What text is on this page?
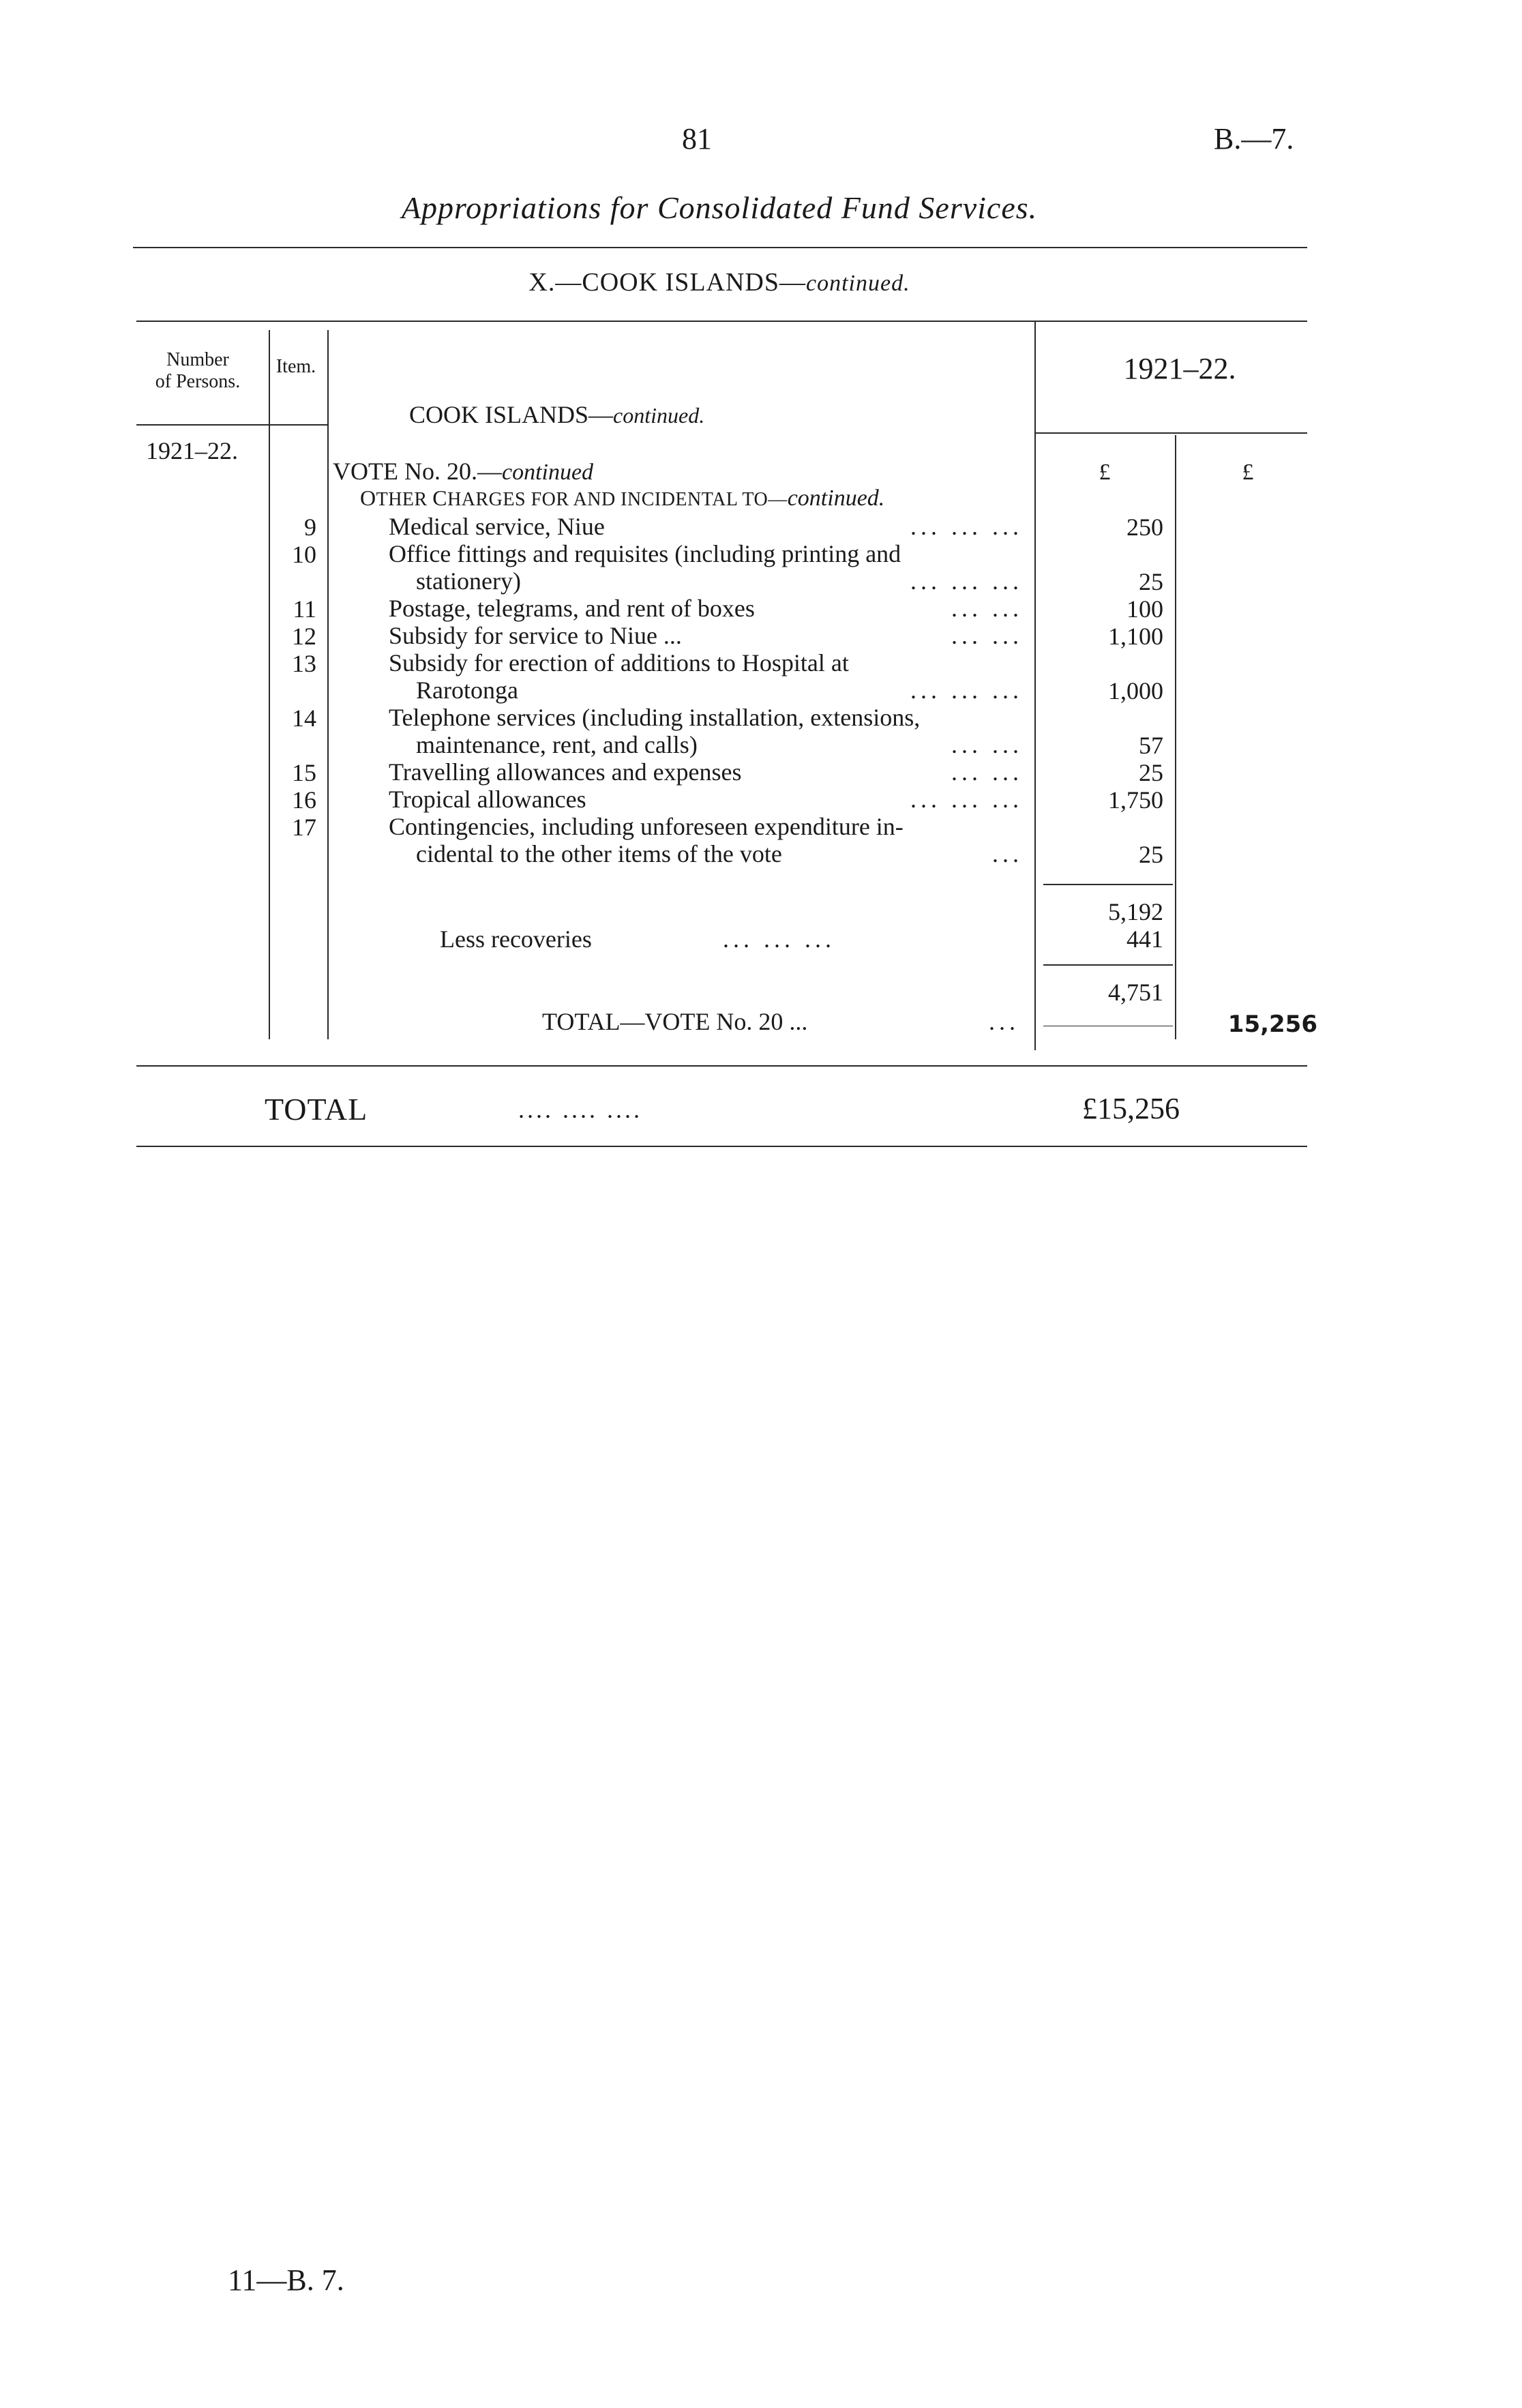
81	B.—7.
Appropriations for Consolidated Fund Services.
X.—COOK ISLANDS—continued.
Number
of Persons.
Item.	1921–22.
COOK ISLANDS—continued.
1921–22.
£	£
VOTE No. 20.—continued
OTHER CHARGES FOR AND INCIDENTAL TO—continued.
9	Medical service, Niue	... ... ...	250
10	Office fittings and requisites (including printing and
stationery)	... ... ...	25
11	Postage, telegrams, and rent of boxes	... ...	100
12	Subsidy for service to Niue ...	... ...	1,100
13	Subsidy for erection of additions to Hospital at
Rarotonga	... ... ...	1,000
14	Telephone services (including installation, extensions,
maintenance, rent, and calls)	... ...	57
15	Travelling allowances and expenses	... ...	25
16	Tropical allowances	... ... ...	1,750
17	Contingencies, including unforeseen expenditure in-
cidental to the other items of the vote	...	25
5,192
Less recoveries	... ... ...	441
4,751
TOTAL—VOTE No. 20 ...	...	15,256
TOTAL	.... .... ....	£15,256
11—B. 7.
